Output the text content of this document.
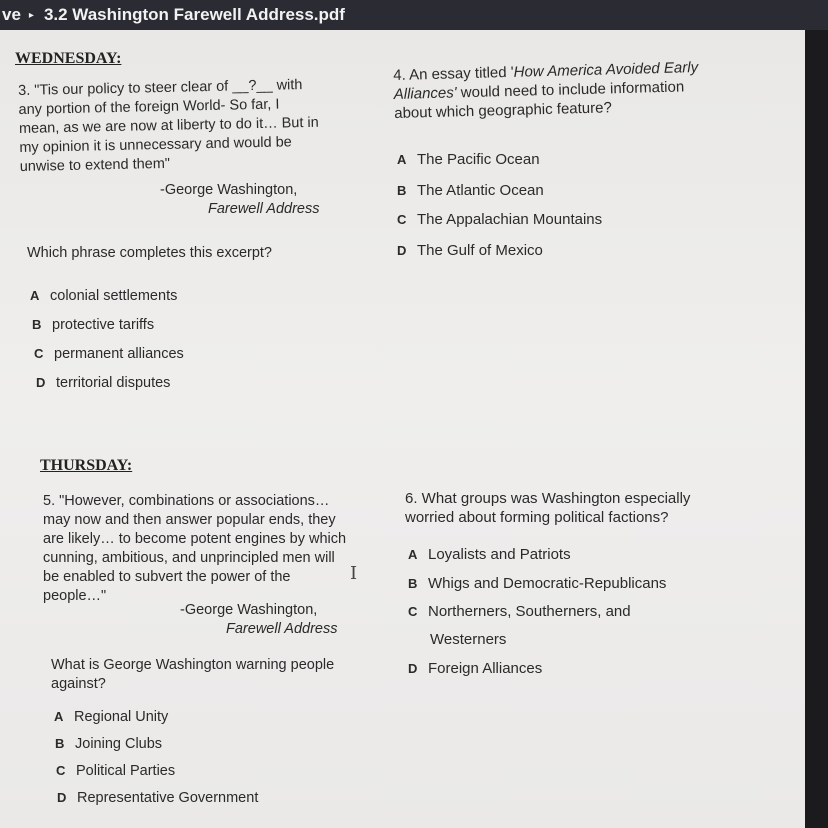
ve ▸ 3.2 Washington Farewell Address.pdf
WEDNESDAY:
3. "Tis our policy to steer clear of __?__ with
any portion of the foreign World- So far, I
mean, as we are now at liberty to do it… But in
my opinion it is unnecessary and would be
unwise to extend them"
-George Washington,
Farewell Address
Which phrase completes this excerpt?
A colonial settlements
B protective tariffs
C permanent alliances
D territorial disputes
4. An essay titled 'How America Avoided Early
Alliances' would need to include information
about which geographic feature?
A The Pacific Ocean
B The Atlantic Ocean
C The Appalachian Mountains
D The Gulf of Mexico
THURSDAY:
5. "However, combinations or associations…
may now and then answer popular ends, they
are likely… to become potent engines by which
cunning, ambitious, and unprincipled men will
be enabled to subvert the power of the
people…"
-George Washington,
Farewell Address
I
What is George Washington warning people
against?
A Regional Unity
B Joining Clubs
C Political Parties
D Representative Government
6. What groups was Washington especially
worried about forming political factions?
A Loyalists and Patriots
B Whigs and Democratic-Republicans
C Northerners, Southerners, and
Westerners
D Foreign Alliances
